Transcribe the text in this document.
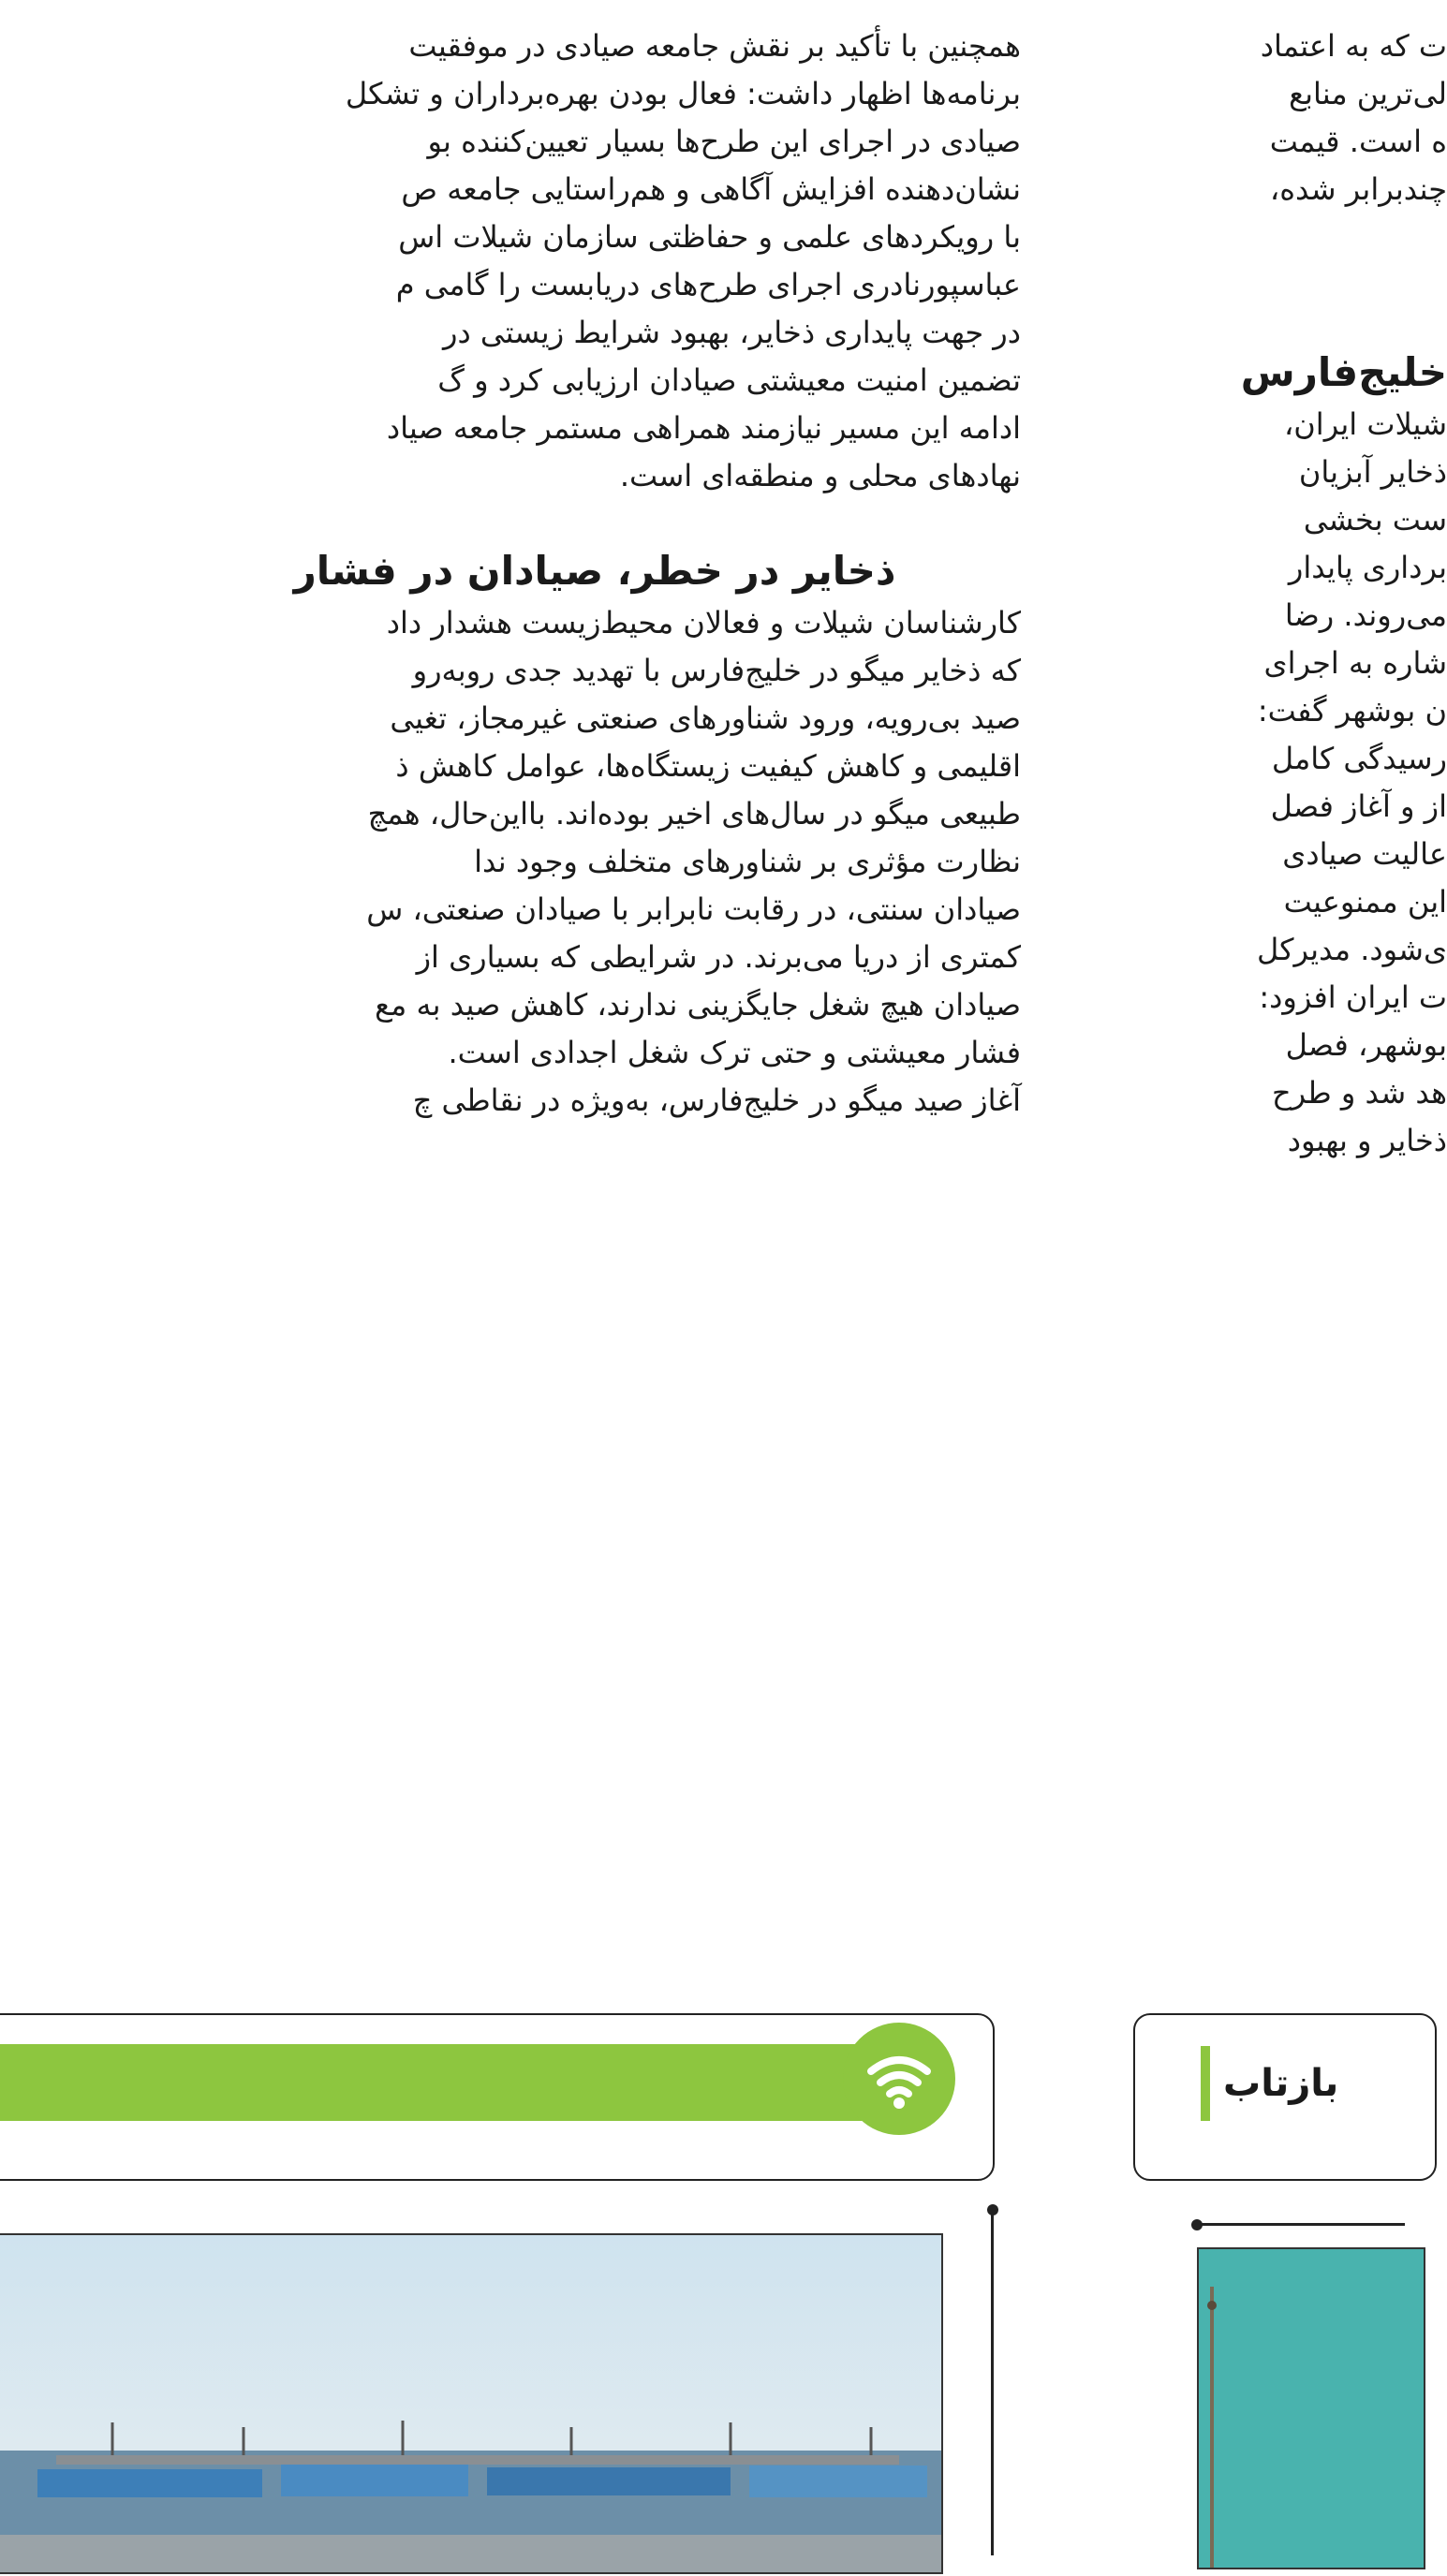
همچنین با تأکید بر نقش جامعه صیادی در موفقیت
برنامه‌ها اظهار داشت: فعال بودن بهره‌برداران و تشکل
صیادی در اجرای این طرح‌ها بسیار تعیین‌کننده بو
نشان‌دهنده افزایش آگاهی و هم‌راستایی جامعه ص
با رویکردهای علمی و حفاظتی سازمان شیلات اس
عباسپورنادری اجرای طرح‌های دریابست را گامی م
در جهت پایداری ذخایر، بهبود شرایط زیستی در
تضمین امنیت معیشتی صیادان ارزیابی کرد و گ
ادامه این مسیر نیازمند همراهی مستمر جامعه صیاد
نهادهای محلی و منطقه‌ای است.
ذخایر در خطر، صیادان در فشار
کارشناسان شیلات و فعالان محیط‌زیست هشدار داد
که ذخایر میگو در خلیج‌فارس با تهدید جدی روبه‌رو
صید بی‌رویه، ورود شناورهای صنعتی غیرمجاز، تغیی
اقلیمی و کاهش کیفیت زیستگاه‌ها، عوامل کاهش ذ
طبیعی میگو در سال‌های اخیر بوده‌اند. بااین‌حال، همچ
نظارت مؤثری بر شناورهای متخلف وجود ندا
صیادان سنتی، در رقابت نابرابر با صیادان صنعتی، س
کمتری از دریا می‌برند. در شرایطی که بسیاری از
صیادان هیچ شغل جایگزینی ندارند، کاهش صید به مع
فشار معیشتی و حتی ترک شغل اجدادی است.
آغاز صید میگو در خلیج‌فارس، به‌ویژه در نقاطی چ
ت که به اعتماد
لی‌ترین منابع
ه است. قیمت
چندبرابر شده،
خلیج‌فارس
شیلات ایران،
ذخایر آبزیان
ست بخشی
برداری پایدار
می‌روند. رضا
شاره به اجرای
ن بوشهر گفت:
رسیدگی کامل
از و آغاز فصل
عالیت صیادی
این ممنوعیت
ی‌شود. مدیرکل
ت ایران افزود:
بوشهر، فصل
هد شد و طرح
ذخایر و بهبود
بازتاب
